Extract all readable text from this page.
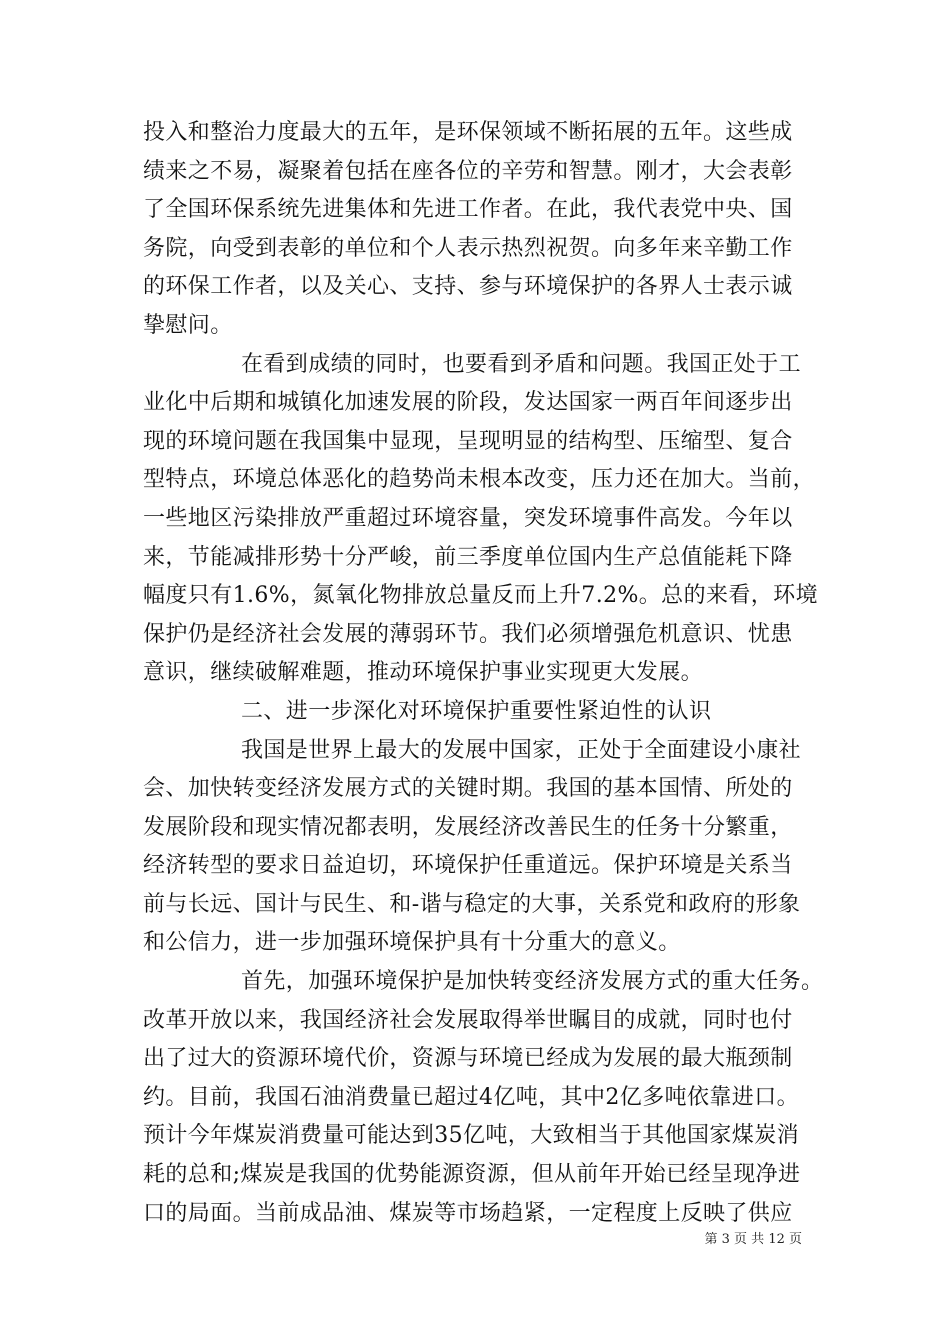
投入和整治力度最大的五年，是环保领域不断拓展的五年。这些成
绩来之不易，凝聚着包括在座各位的辛劳和智慧。刚才，大会表彰
了全国环保系统先进集体和先进工作者。在此，我代表党中央、国
务院，向受到表彰的单位和个人表示热烈祝贺。向多年来辛勤工作
的环保工作者，以及关心、支持、参与环境保护的各界人士表示诚
挚慰问。
在看到成绩的同时，也要看到矛盾和问题。我国正处于工
业化中后期和城镇化加速发展的阶段，发达国家一两百年间逐步出
现的环境问题在我国集中显现，呈现明显的结构型、压缩型、复合
型特点，环境总体恶化的趋势尚未根本改变，压力还在加大。当前，
一些地区污染排放严重超过环境容量，突发环境事件高发。今年以
来，节能减排形势十分严峻，前三季度单位国内生产总值能耗下降
幅度只有1.6%，氮氧化物排放总量反而上升7.2%。总的来看，环境
保护仍是经济社会发展的薄弱环节。我们必须增强危机意识、忧患
意识，继续破解难题，推动环境保护事业实现更大发展。
二、进一步深化对环境保护重要性紧迫性的认识
我国是世界上最大的发展中国家，正处于全面建设小康社
会、加快转变经济发展方式的关键时期。我国的基本国情、所处的
发展阶段和现实情况都表明，发展经济改善民生的任务十分繁重，
经济转型的要求日益迫切，环境保护任重道远。保护环境是关系当
前与长远、国计与民生、和-谐与稳定的大事，关系党和政府的形象
和公信力，进一步加强环境保护具有十分重大的意义。
首先，加强环境保护是加快转变经济发展方式的重大任务。
改革开放以来，我国经济社会发展取得举世瞩目的成就，同时也付
出了过大的资源环境代价，资源与环境已经成为发展的最大瓶颈制
约。目前，我国石油消费量已超过4亿吨，其中2亿多吨依靠进口。
预计今年煤炭消费量可能达到35亿吨，大致相当于其他国家煤炭消
耗的总和;煤炭是我国的优势能源资源，但从前年开始已经呈现净进
口的局面。当前成品油、煤炭等市场趋紧，一定程度上反映了供应
第 3 页 共 12 页
